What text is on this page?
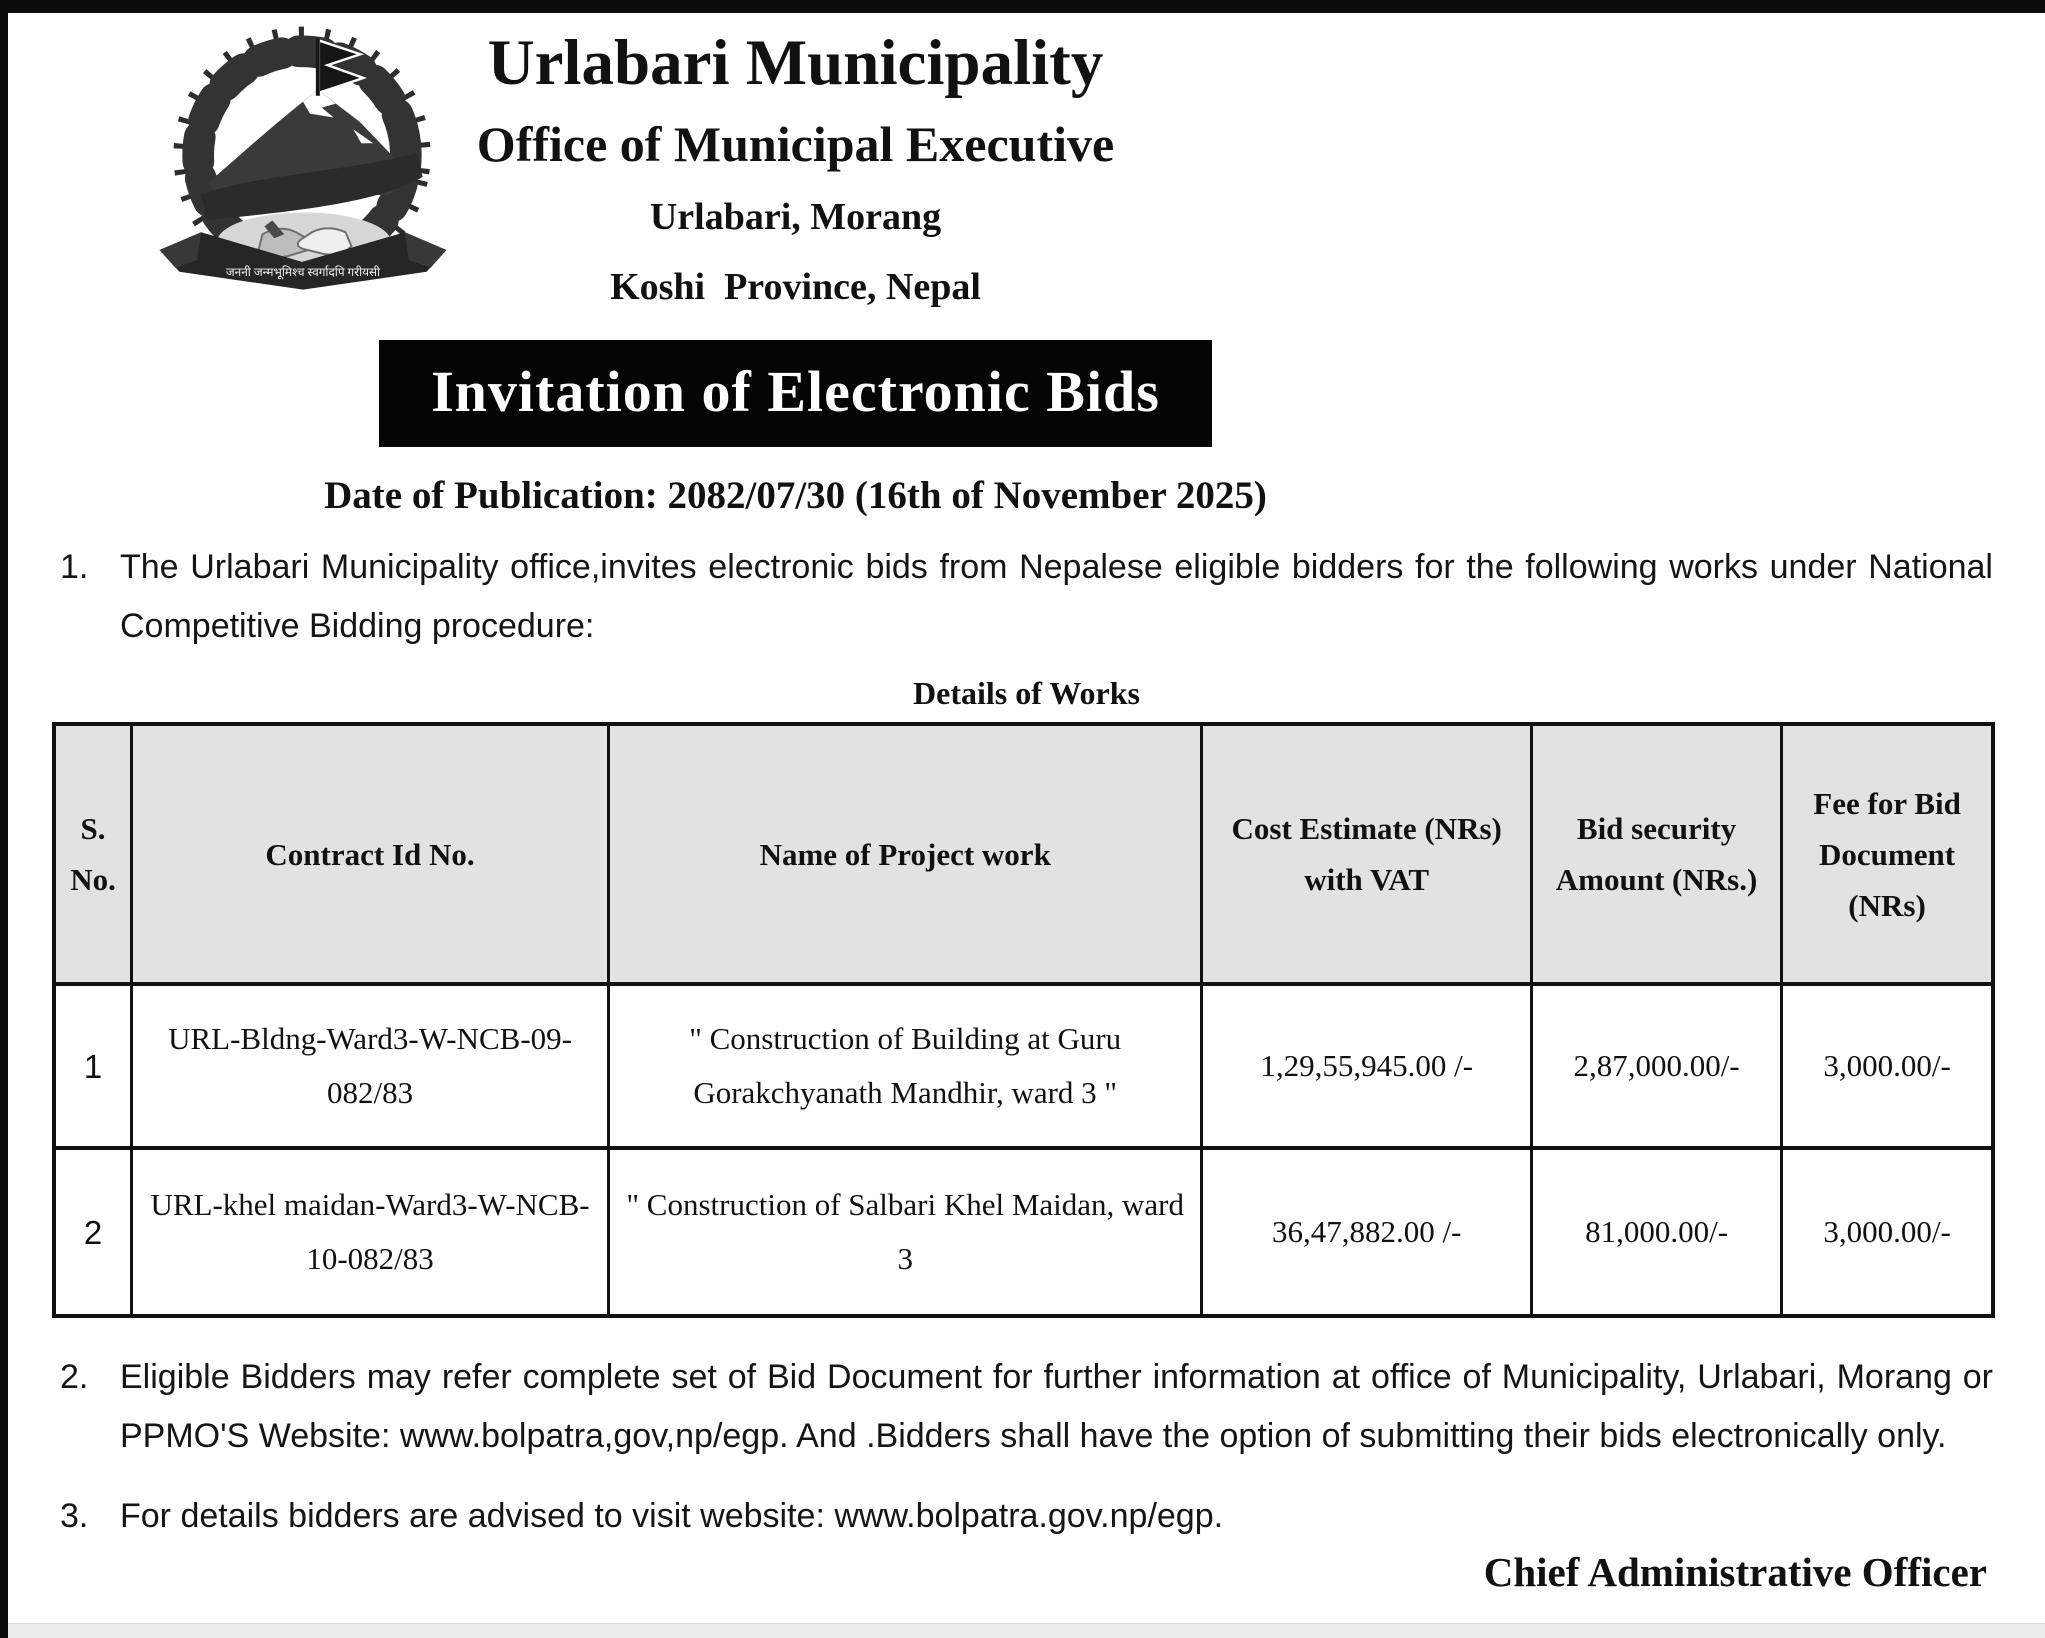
जननी जन्मभूमिश्च स्वर्गादपि गरीयसी
Urlabari Municipality
Office of Municipal Executive
Urlabari, Morang
Koshi  Province, Nepal
Invitation of Electronic Bids
Date of Publication: 2082/07/30 (16th of November 2025)
1. The Urlabari Municipality office,invites electronic bids from Nepalese eligible bidders for the following works under National Competitive Bidding procedure:
Details of Works
S. No.	Contract Id No.	Name of Project work	Cost Estimate (NRs) with VAT	Bid security Amount (NRs.)	Fee for Bid Document (NRs)
1	URL-Bldng-Ward3-W-NCB-09-082/83	" Construction of Building at Guru Gorakchyanath Mandhir, ward 3 "	1,29,55,945.00 /-	2,87,000.00/-	3,000.00/-
2	URL-khel maidan-Ward3-W-NCB-10-082/83	" Construction of Salbari Khel Maidan, ward 3	36,47,882.00 /-	81,000.00/-	3,000.00/-
2. Eligible Bidders may refer complete set of Bid Document for further information at office of Municipality, Urlabari, Morang or PPMO'S Website: www.bolpatra,gov,np/egp. And .Bidders shall have the option of submitting their bids electronically only.
3. For details bidders are advised to visit website: www.bolpatra.gov.np/egp.
Chief Administrative Officer
